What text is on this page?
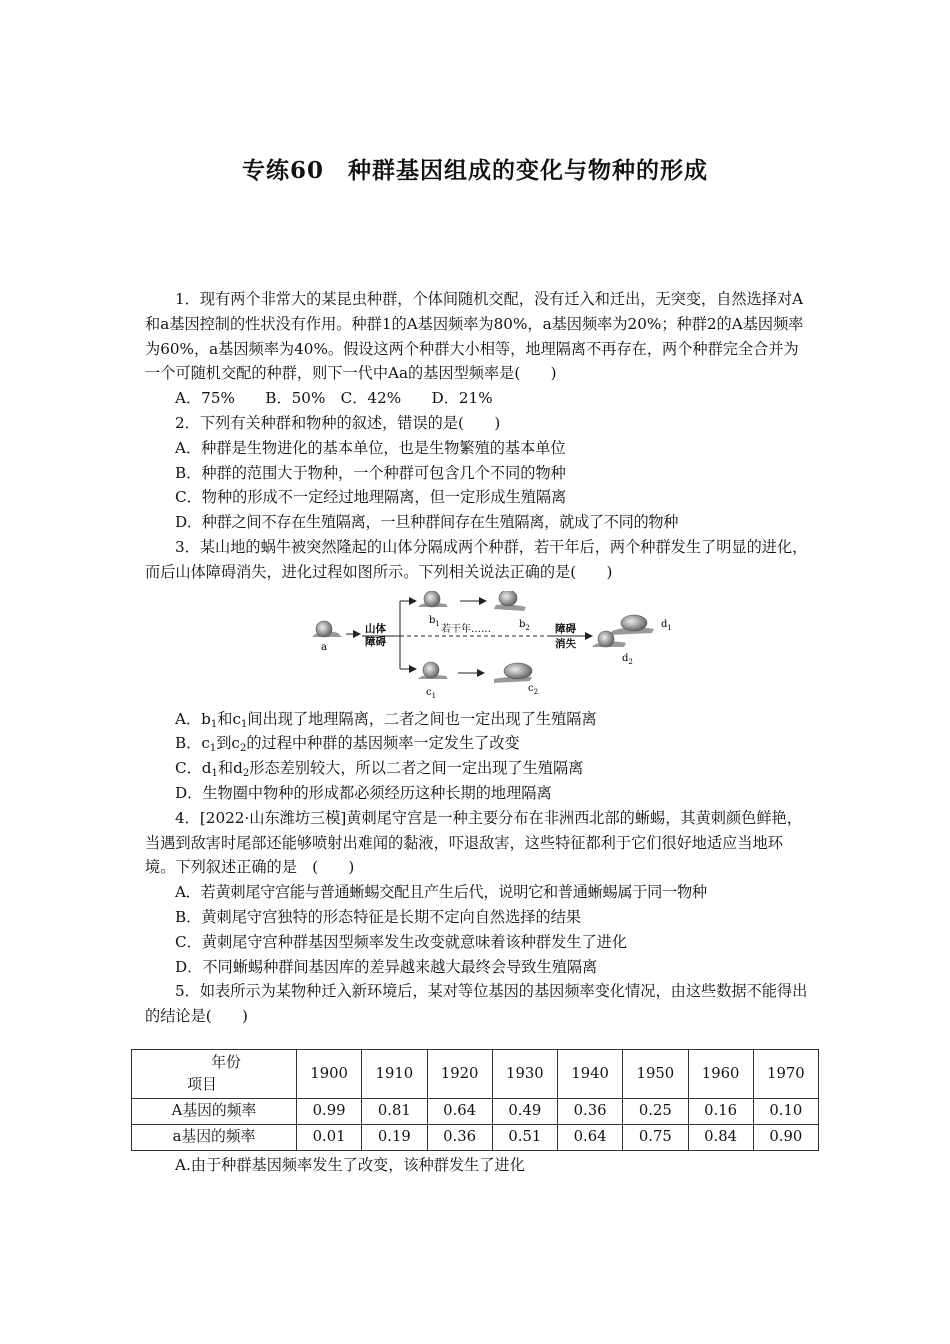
专练60　种群基因组成的变化与物种的形成

1．现有两个非常大的某昆虫种群，个体间随机交配，没有迁入和迁出，无突变，自然选择对A和a基因控制的性状没有作用。种群1的A基因频率为80%，a基因频率为20%；种群2的A基因频率为60%，a基因频率为40%。假设这两个种群大小相等，地理隔离不再存在，两个种群完全合并为一个可随机交配的种群，则下一代中Aa的基因型频率是(　　)

A．75%　　B．50%　C．42%　　D．21%

2．下列有关种群和物种的叙述，错误的是(　　)

A．种群是生物进化的基本单位，也是生物繁殖的基本单位

B．种群的范围大于物种，一个种群可包含几个不同的物种

C．物种的形成不一定经过地理隔离，但一定形成生殖隔离

D．种群之间不存在生殖隔离，一旦种群间存在生殖隔离，就成了不同的物种

3．某山地的蜗牛被突然隆起的山体分隔成两个种群，若干年后，两个种群发生了明显的进化，而后山体障碍消失，进化过程如图所示。下列相关说法正确的是(　　)

a
山体
障碍
$b_1$	$b_2$
若干年……	障碍
消失
$c_1$
$c_2$
$d_1$
$d_2$

A．$b_1$和$c_1$间出现了地理隔离，二者之间也一定出现了生殖隔离

B．$c_1$到$c_2$的过程中种群的基因频率一定发生了改变

C．$d_1$和$d_2$形态差别较大，所以二者之间一定出现了生殖隔离

D．生物圈中物种的形成都必须经历这种长期的地理隔离

4．[2022·山东潍坊三模]黄刺尾守宫是一种主要分布在非洲西北部的蜥蜴，其黄刺颜色鲜艳，当遇到敌害时尾部还能够喷射出难闻的黏液，吓退敌害，这些特征都利于它们很好地适应当地环境。下列叙述正确的是　(　　)

A．若黄刺尾守宫能与普通蜥蜴交配且产生后代，说明它和普通蜥蜴属于同一物种

B．黄刺尾守宫独特的形态特征是长期不定向自然选择的结果

C．黄刺尾守宫种群基因型频率发生改变就意味着该种群发生了进化

D．不同蜥蜴种群间基因库的差异越来越大最终会导致生殖隔离

5．如表所示为某物种迁入新环境后，某对等位基因的基因频率变化情况，由这些数据不能得出的结论是(　　)

年份
项目	1900	1910	1920	1930	1940	1950	1960	1970
A基因的频率	0.99	0.81	0.64	0.49	0.36	0.25	0.16	0.10
a基因的频率	0.01	0.19	0.36	0.51	0.64	0.75	0.84	0.90

A.由于种群基因频率发生了改变，该种群发生了进化
